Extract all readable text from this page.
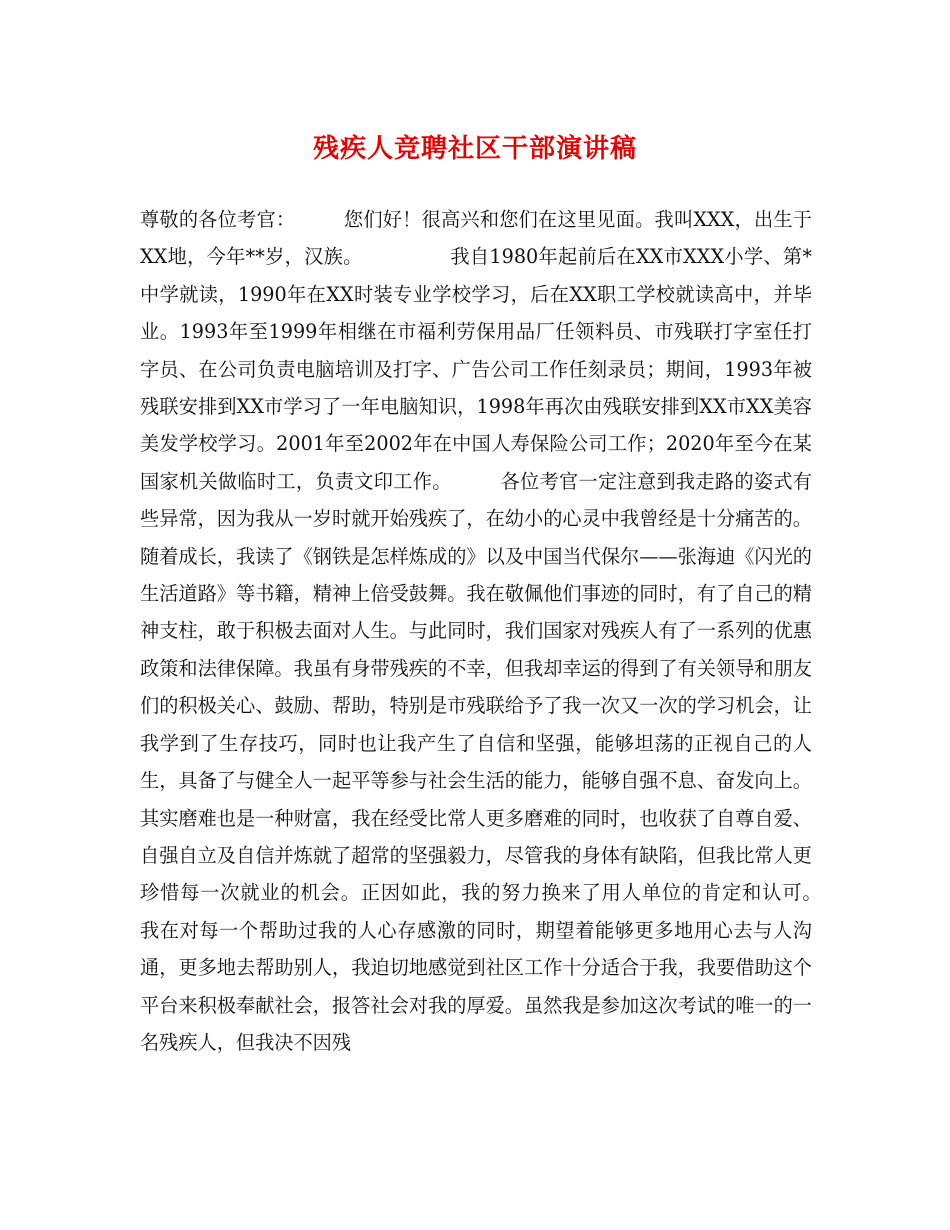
残疾人竞聘社区干部演讲稿
尊敬的各位考官：　　　您们好！很高兴和您们在这里见面。我叫XXX，出生于XX地，今年**岁，汉族。　　　　　我自1980年起前后在XX市XXX小学、第*中学就读，1990年在XX时装专业学校学习，后在XX职工学校就读高中，并毕业。1993年至1999年相继在市福利劳保用品厂任领料员、市残联打字室任打字员、在公司负责电脑培训及打字、广告公司工作任刻录员；期间，1993年被残联安排到XX市学习了一年电脑知识，1998年再次由残联安排到XX市XX美容美发学校学习。2001年至2002年在中国人寿保险公司工作；2020年至今在某国家机关做临时工，负责文印工作。　　　各位考官一定注意到我走路的姿式有些异常，因为我从一岁时就开始残疾了，在幼小的心灵中我曾经是十分痛苦的。随着成长，我读了《钢铁是怎样炼成的》以及中国当代保尔——张海迪《闪光的生活道路》等书籍，精神上倍受鼓舞。我在敬佩他们事迹的同时，有了自己的精神支柱，敢于积极去面对人生。与此同时，我们国家对残疾人有了一系列的优惠政策和法律保障。我虽有身带残疾的不幸，但我却幸运的得到了有关领导和朋友们的积极关心、鼓励、帮助，特别是市残联给予了我一次又一次的学习机会，让我学到了生存技巧，同时也让我产生了自信和坚强，能够坦荡的正视自己的人生，具备了与健全人一起平等参与社会生活的能力，能够自强不息、奋发向上。其实磨难也是一种财富，我在经受比常人更多磨难的同时，也收获了自尊自爱、自强自立及自信并炼就了超常的坚强毅力，尽管我的身体有缺陷，但我比常人更珍惜每一次就业的机会。正因如此，我的努力换来了用人单位的肯定和认可。　　　我在对每一个帮助过我的人心存感激的同时，期望着能够更多地用心去与人沟通，更多地去帮助别人，我迫切地感觉到社区工作十分适合于我，我要借助这个平台来积极奉献社会，报答社会对我的厚爱。虽然我是参加这次考试的唯一的一名残疾人，但我决不因残
